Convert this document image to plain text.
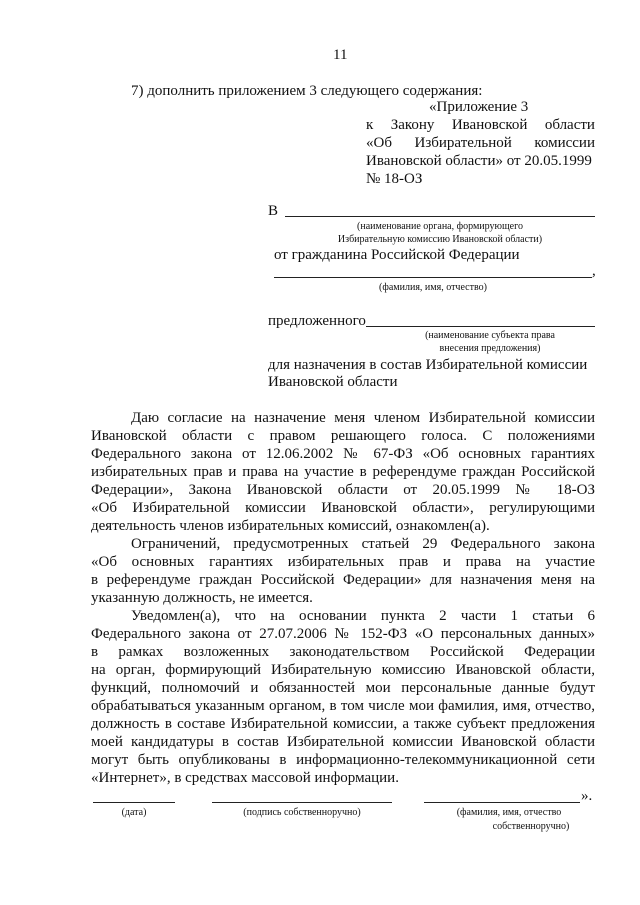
11
7) дополнить приложением 3 следующего содержания:
«Приложение 3
к Закону Ивановской области
«Об Избирательной комиссии
Ивановской области» от 20.05.1999
№ 18-ОЗ
В
(наименование органа, формирующего
Избирательную комиссию Ивановской области)
от гражданина Российской Федерации
,
(фамилия, имя, отчество)
предложенного
(наименование субъекта права
внесения предложения)
для назначения в состав Избирательной комиссии
Ивановской области
Даю согласие на назначение меня членом Избирательной комиссии
Ивановской области с правом решающего голоса. С положениями
Федерального закона от 12.06.2002 № 67-ФЗ «Об основных гарантиях
избирательных прав и права на участие в референдуме граждан Российской
Федерации», Закона Ивановской области от 20.05.1999 № 18-ОЗ
«Об Избирательной комиссии Ивановской области», регулирующими
деятельность членов избирательных комиссий, ознакомлен(а).
Ограничений, предусмотренных статьей 29 Федерального закона
«Об основных гарантиях избирательных прав и права на участие
в референдуме граждан Российской Федерации» для назначения меня на
указанную должность, не имеется.
Уведомлен(а), что на основании пункта 2 части 1 статьи 6
Федерального закона от 27.07.2006 № 152-ФЗ «О персональных данных»
в рамках возложенных законодательством Российской Федерации
на орган, формирующий Избирательную комиссию Ивановской области,
функций, полномочий и обязанностей мои персональные данные будут
обрабатываться указанным органом, в том числе мои фамилия, имя, отчество,
должность в составе Избирательной комиссии, а также субъект предложения
моей кандидатуры в состав Избирательной комиссии Ивановской области
могут быть опубликованы в информационно-телекоммуникационной сети
«Интернет», в средствах массовой информации.
(дата)	(подпись собственноручно)
».
(фамилия, имя, отчество
собственноручно)
